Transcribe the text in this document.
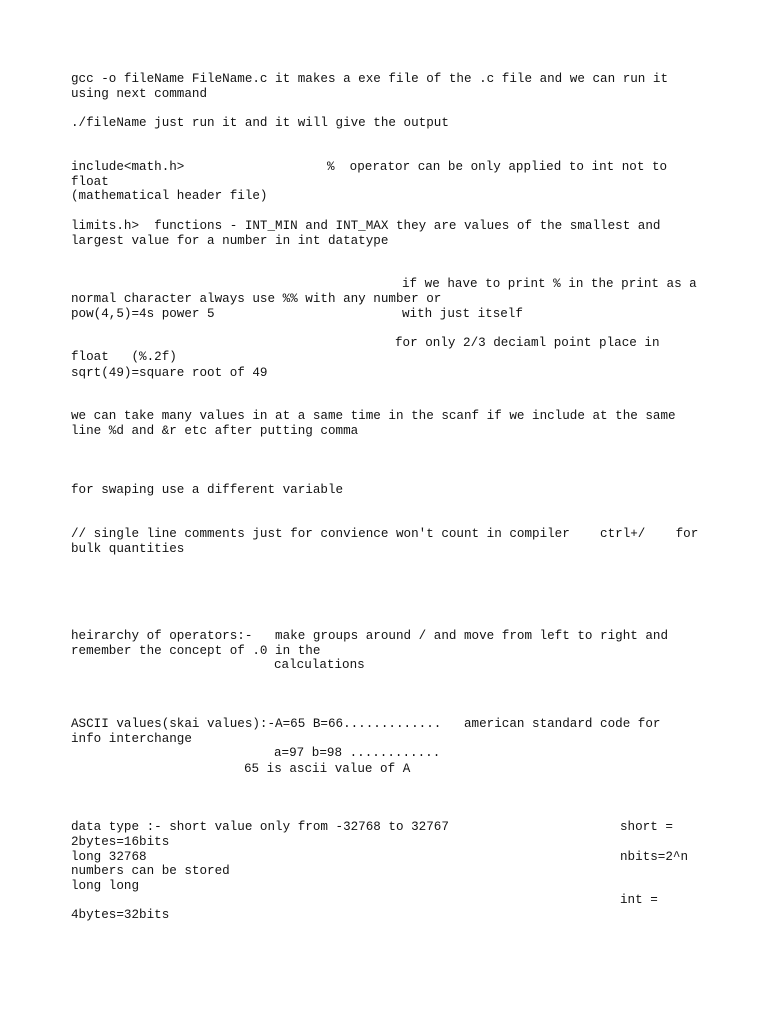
gcc -o fileName FileName.c it makes a exe file of the .c file and we can run it

using next command

./fileName just run it and it will give the output

include<math.h>	%  operator can be only applied to int not to

float

(mathematical header file)

limits.h>  functions - INT_MIN and INT_MAX they are values of the smallest and

largest value for a number in int datatype

if we have to print % in the print as a

normal character always use %% with any number or

pow(4,5)=4s power 5	with just itself

for only 2/3 deciaml point place in

float   (%.2f)

sqrt(49)=square root of 49

we can take many values in at a same time in the scanf if we include at the same

line %d and &r etc after putting comma

for swaping use a different variable

// single line comments just for convience won't count in compiler    ctrl+/    for

bulk quantities

heirarchy of operators:-   make groups around / and move from left to right and

remember the concept of .0 in the

calculations

ASCII values(skai values):-A=65 B=66.............   american standard code for

info interchange

a=97 b=98 ............

65 is ascii value of A

data type :- short value only from -32768 to 32767	short =

2bytes=16bits

long 32768	nbits=2^n

numbers can be stored

long long

int =

4bytes=32bits
